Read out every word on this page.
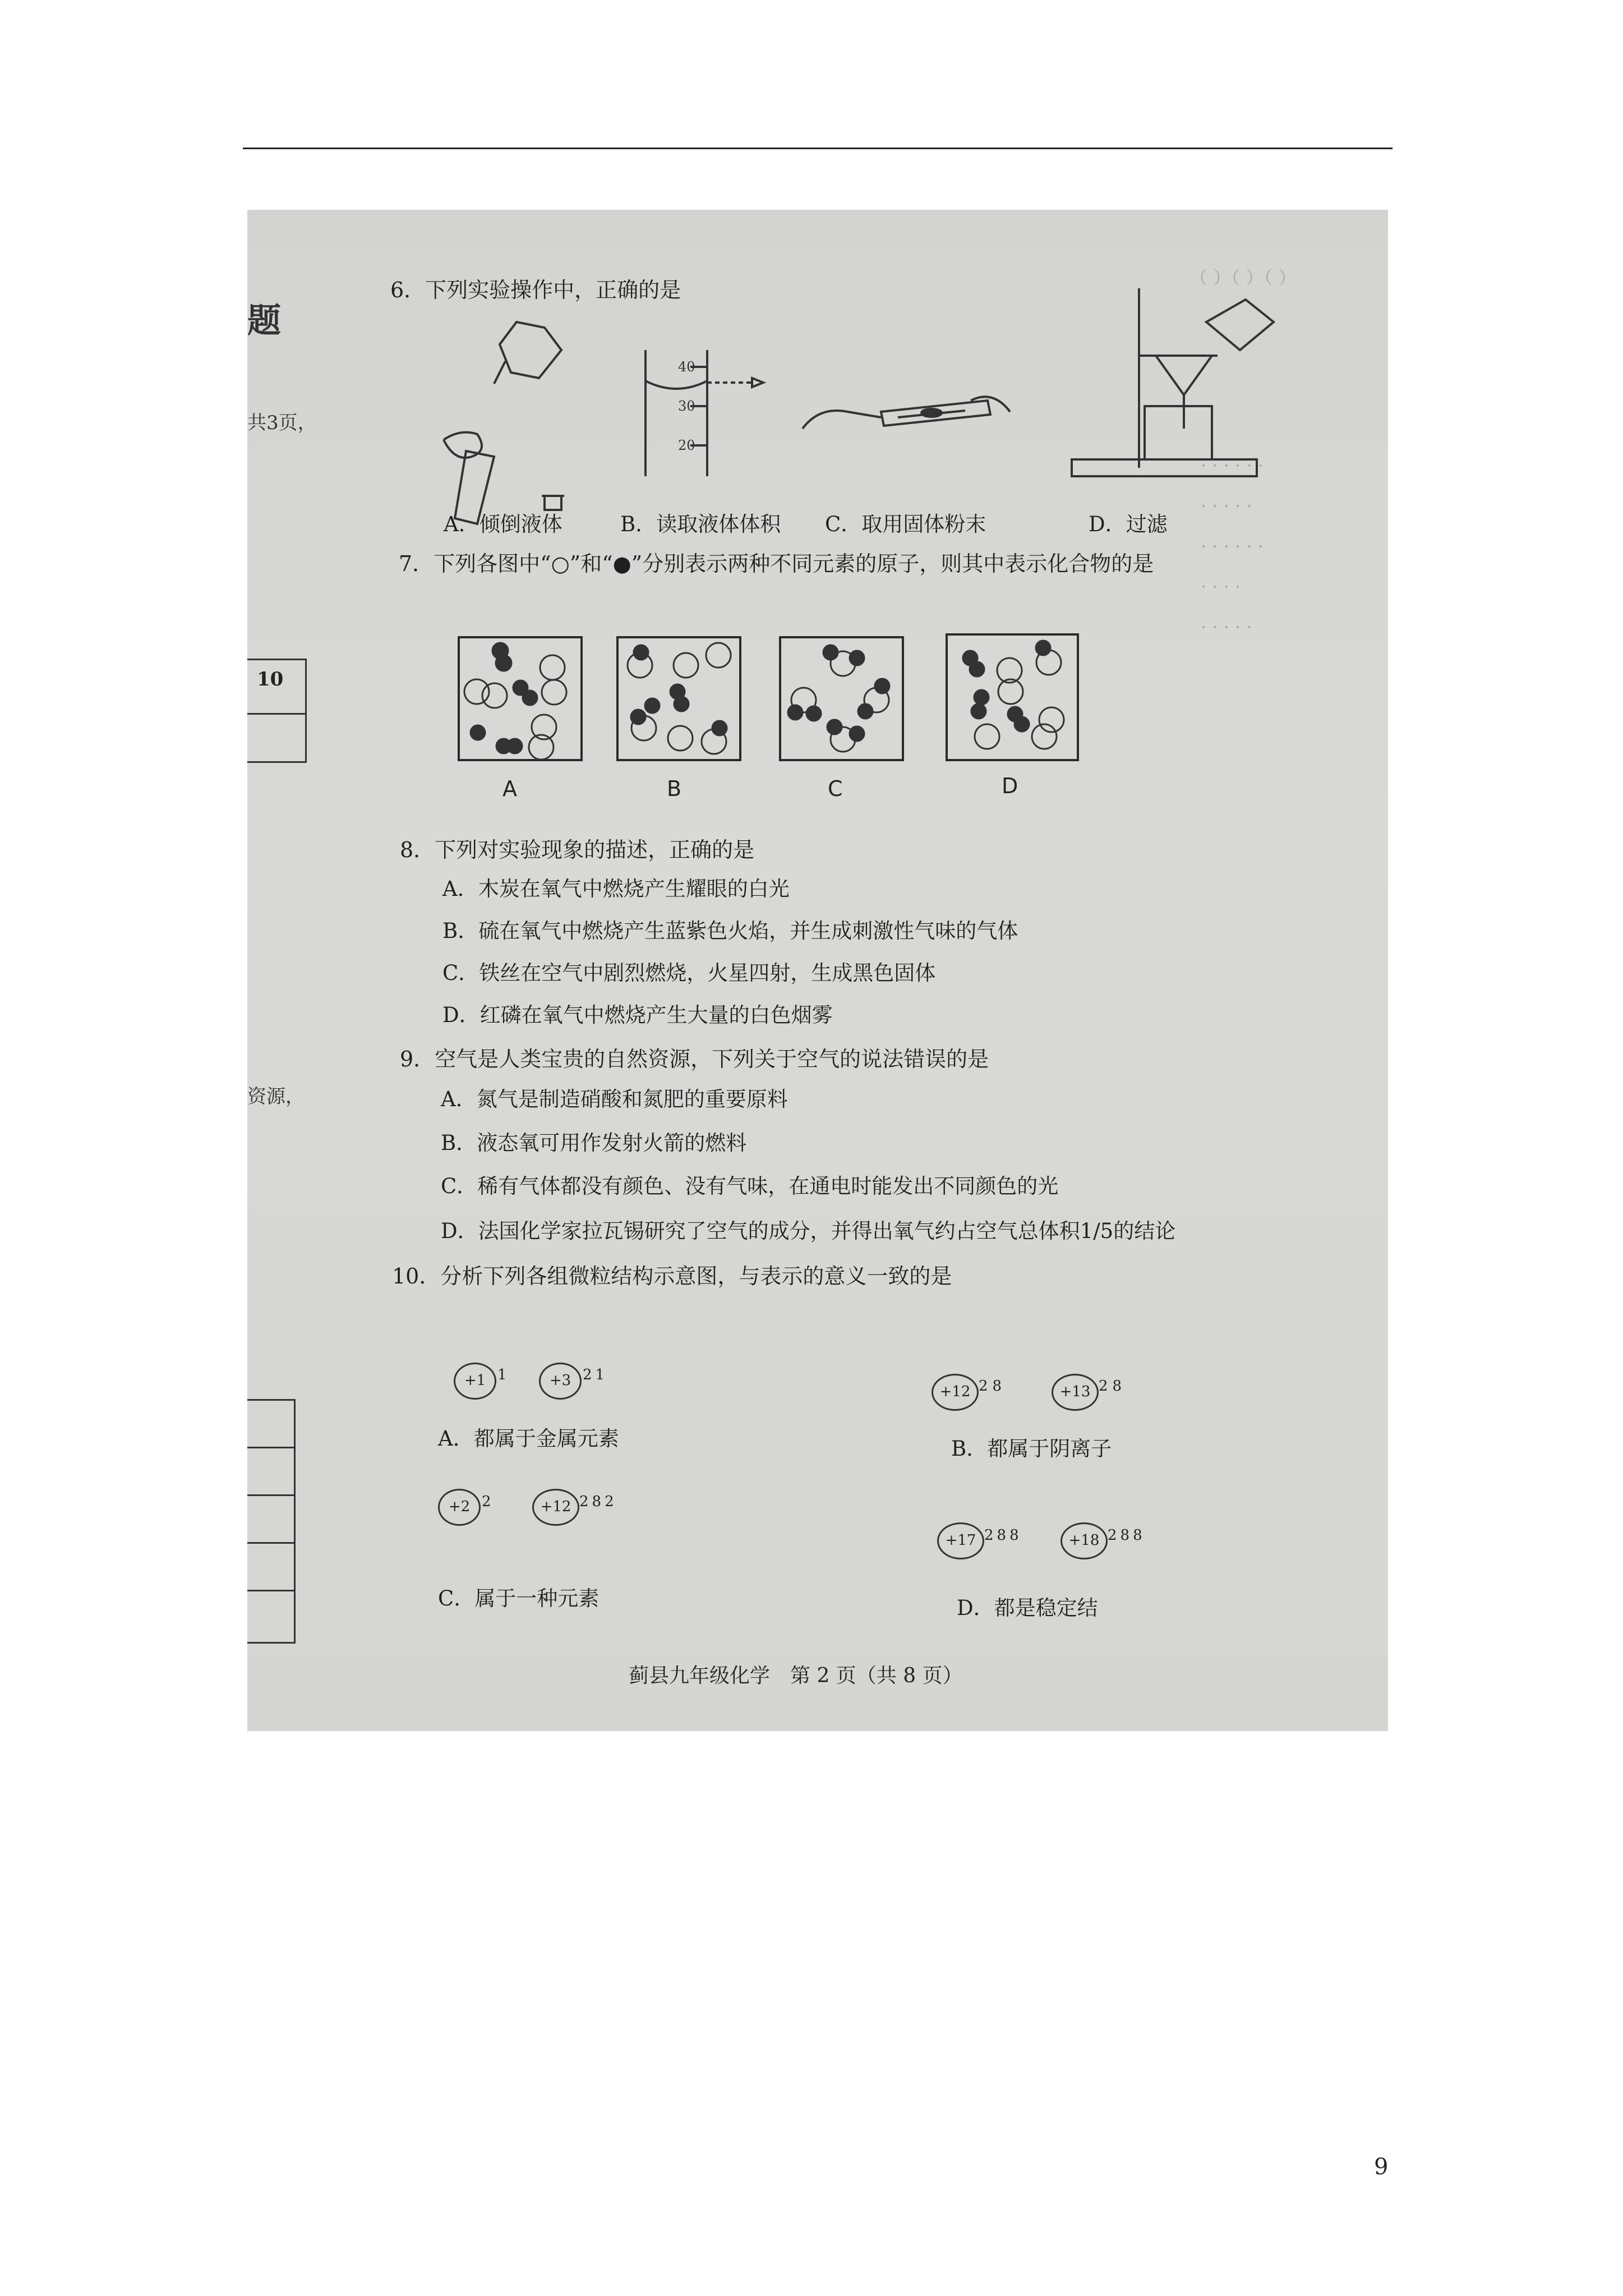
题
共3页，
10
资源，
（ ）（ ）（ ）
· · · · · ·
· · · · ·
· · · · · ·
· · · ·
· · · · ·
6．下列实验操作中，正确的是
40
30
20
A．倾倒液体	B．读取液体体积 C．取用固体粉末	D．过滤
7．下列各图中“○”和“●”分别表示两种不同元素的原子，则其中表示化合物的是
A	B	C	D
8．下列对实验现象的描述，正确的是
A．木炭在氧气中燃烧产生耀眼的白光
B．硫在氧气中燃烧产生蓝紫色火焰，并生成刺激性气味的气体
C．铁丝在空气中剧烈燃烧，火星四射，生成黑色固体
D．红磷在氧气中燃烧产生大量的白色烟雾
9．空气是人类宝贵的自然资源，下列关于空气的说法错误的是
A．氮气是制造硝酸和氮肥的重要原料
B．液态氧可用作发射火箭的燃料
C．稀有气体都没有颜色、没有气味，在通电时能发出不同颜色的光
D．法国化学家拉瓦锡研究了空气的成分，并得出氧气约占空气总体积1/5的结论
10．分析下列各组微粒结构示意图，与表示的意义一致的是
+1 1	+3 21
A．都属于金属元素
+12 28	+13 28
B．都属于阴离子
+2 2	+12 282
C．属于一种元素
+17 288	+18 288
D．都是稳定结
蓟县九年级化学　第 2 页（共 8 页）
9
